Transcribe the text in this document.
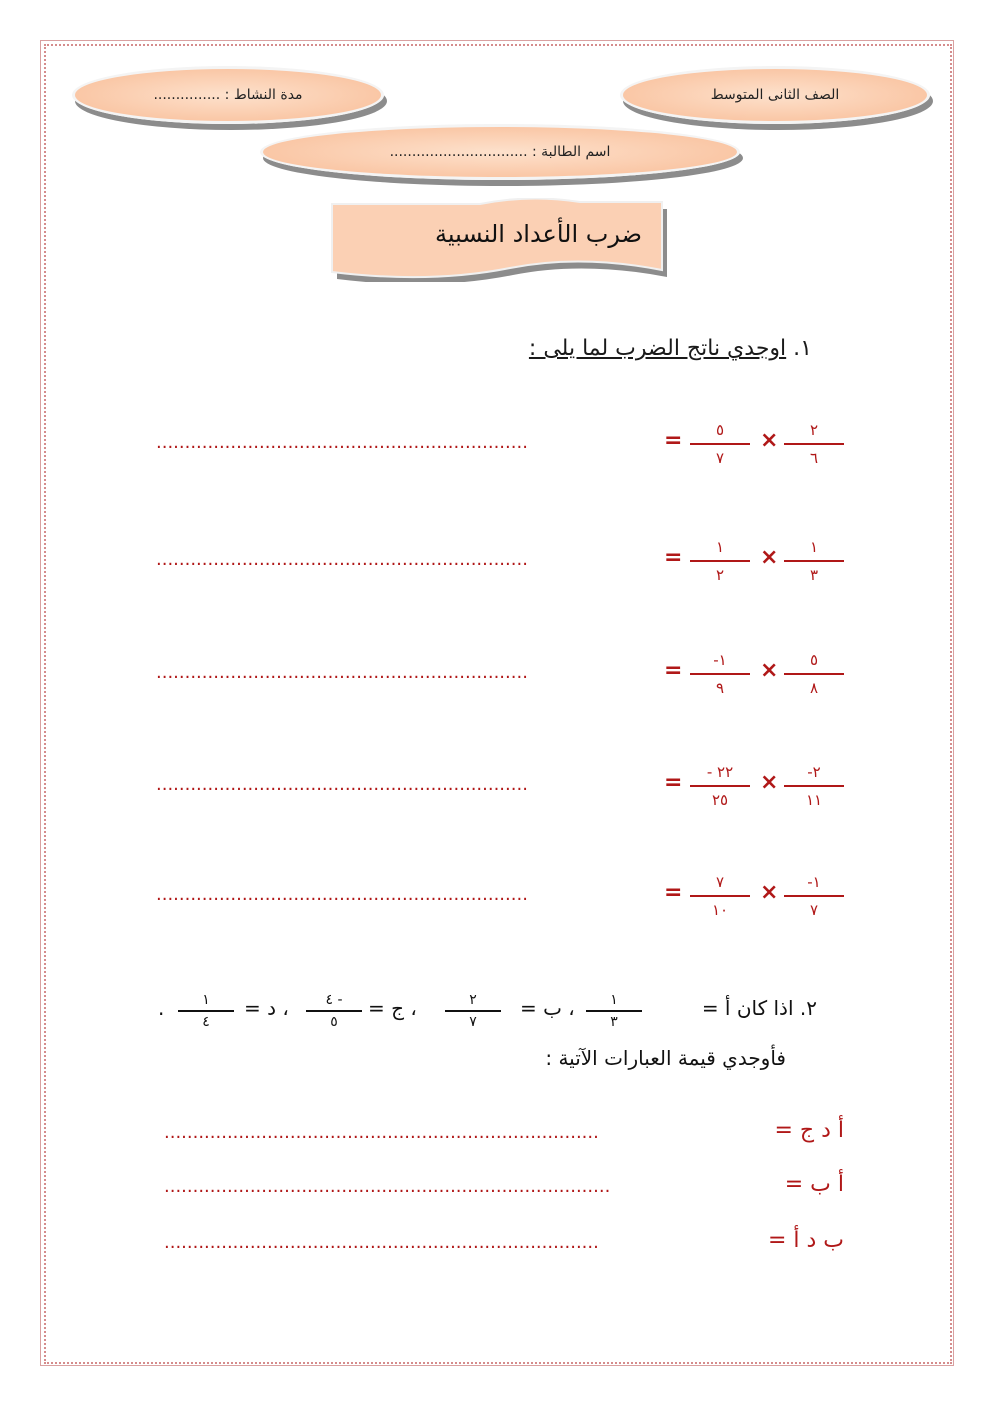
الصف الثانى المتوسط
مدة النشاط : ...............
اسم الطالبة : ...............................
ضرب الأعداد النسبية
١. اوجدي ناتج الضرب لما يلى :
٢
٦
×
٥
٧
=
.................................................................
١
٣
×
١
٢
=
.................................................................
٥
٨
×
١-
٩
=
.................................................................
٢-
١١
×
٢٢ -
٢٥
=
.................................................................
١-
٧
×
٧
١٠
=
.................................................................
٢. اذا كان أ =
١
٣
، ب =
٢
٧
، ج =
٤ -
٥
، د =
١
٤
.
فأوجدي قيمة العبارات الآتية :
أ د ج =
............................................................................
أ ب =
..............................................................................
ب د أ =
............................................................................
